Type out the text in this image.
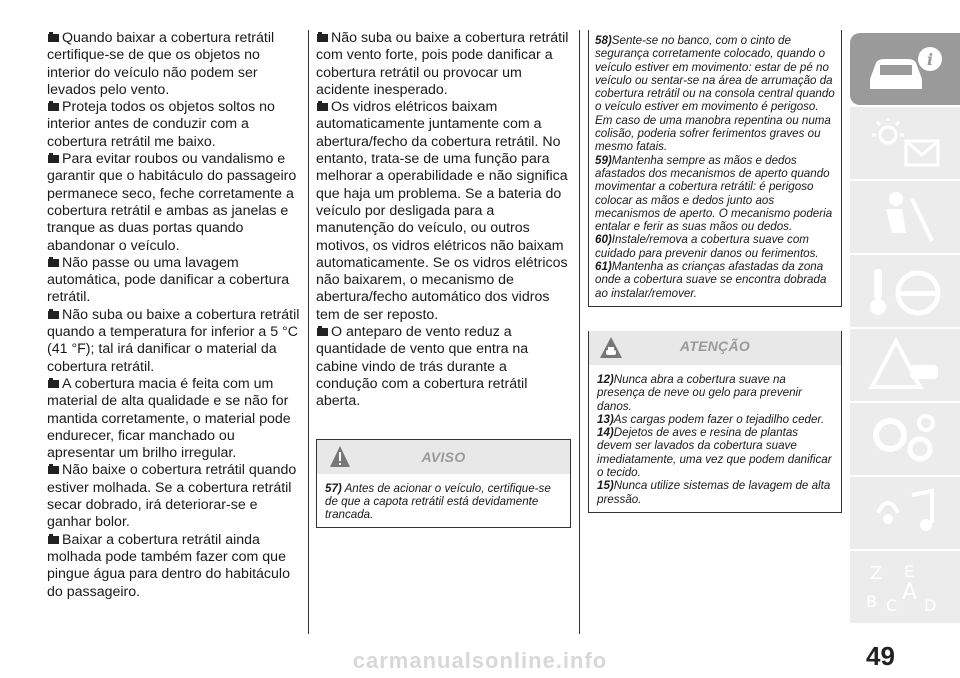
Quando baixar a cobertura retrátil certifique-se de que os objetos no interior do veículo não podem ser levados pelo vento.

Proteja todos os objetos soltos no interior antes de conduzir com a cobertura retrátil me baixo.

Para evitar roubos ou vandalismo e garantir que o habitáculo do passageiro permanece seco, feche corretamente a cobertura retrátil e ambas as janelas e tranque as duas portas quando abandonar o veículo.

Não passe ou uma lavagem automática, pode danificar a cobertura retrátil.

Não suba ou baixe a cobertura retrátil quando a temperatura for inferior a 5 °C (41 °F); tal irá danificar o material da cobertura retrátil.

A cobertura macia é feita com um material de alta qualidade e se não for mantida corretamente, o material pode endurecer, ficar manchado ou apresentar um brilho irregular.

Não baixe o cobertura retrátil quando estiver molhada. Se a cobertura retrátil secar dobrado, irá deteriorar-se e ganhar bolor.

Baixar a cobertura retrátil ainda molhada pode também fazer com que pingue água para dentro do habitáculo do passageiro.

Não suba ou baixe a cobertura retrátil com vento forte, pois pode danificar a cobertura retrátil ou provocar um acidente inesperado.

Os vidros elétricos baixam automaticamente juntamente com a abertura/fecho da cobertura retrátil. No entanto, trata-se de uma função para melhorar a operabilidade e não significa que haja um problema. Se a bateria do veículo por desligada para a manutenção do veículo, ou outros motivos, os vidros elétricos não baixam automaticamente. Se os vidros elétricos não baixarem, o mecanismo de abertura/fecho automático dos vidros tem de ser reposto.

O anteparo de vento reduz a quantidade de vento que entra na cabine vindo de trás durante a condução com a cobertura retrátil aberta.

AVISO
57) Antes de acionar o veículo, certifique-se de que a capota retrátil está devidamente trancada.

58)Sente-se no banco, com o cinto de segurança corretamente colocado, quando o veículo estiver em movimento: estar de pé no veículo ou sentar-se na área de arrumação da cobertura retrátil ou na consola central quando o veículo estiver em movimento é perigoso. Em caso de uma manobra repentina ou numa colisão, poderia sofrer ferimentos graves ou mesmo fatais.

59)Mantenha sempre as mãos e dedos afastados dos mecanismos de aperto quando movimentar a cobertura retrátil: é perigoso colocar as mãos e dedos junto aos mecanismos de aperto. O mecanismo poderia entalar e ferir as suas mãos ou dedos.

60)Instale/remova a cobertura suave com cuidado para prevenir danos ou ferimentos.

61)Mantenha as crianças afastadas da zona onde a cobertura suave se encontra dobrada ao instalar/remover.

ATENÇÃO

12)Nunca abra a cobertura suave na presença de neve ou gelo para prevenir danos.

13)As cargas podem fazer o tejadilho ceder.

14)Dejetos de aves e resina de plantas devem ser lavados da cobertura suave imediatamente, uma vez que podem danificar o tecido.

15)Nunca utilize sistemas de lavagem de alta pressão.

i
Z E
B C
A
D
49
carmanualsonline.info
